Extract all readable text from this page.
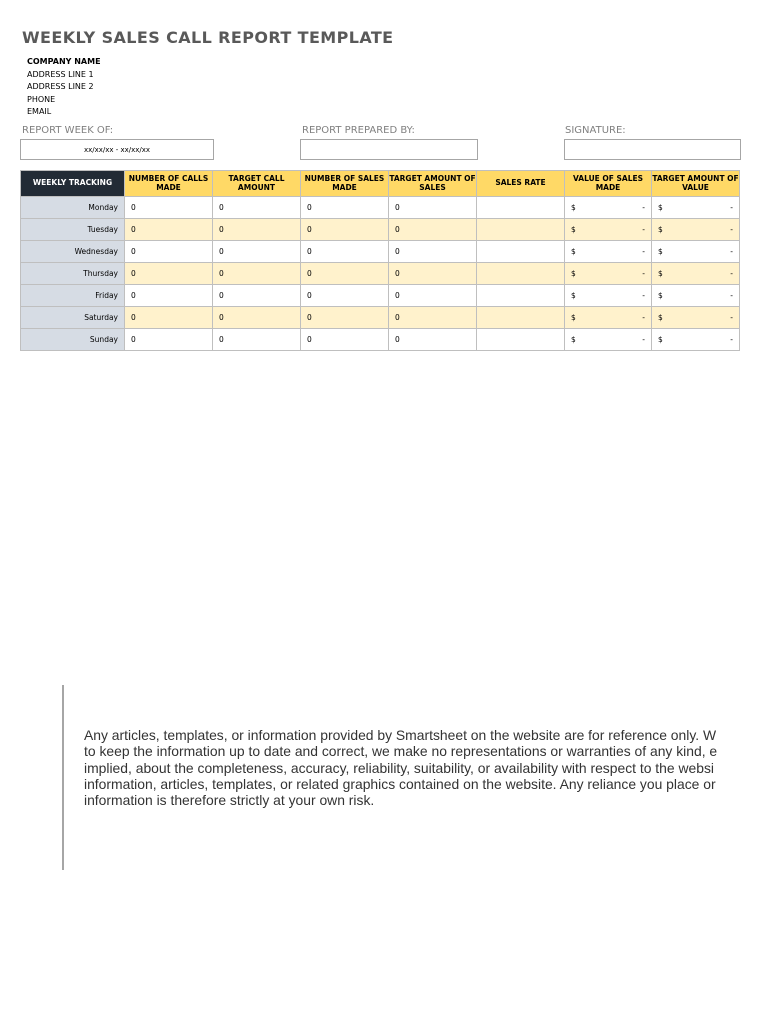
WEEKLY SALES CALL REPORT TEMPLATE
COMPANY NAME
ADDRESS LINE 1
ADDRESS LINE 2
PHONE
EMAIL
REPORT WEEK OF:
xx/xx/xx - xx/xx/xx
REPORT PREPARED BY:	SIGNATURE:
WEEKLY TRACKING	NUMBER OF CALLS MADE	TARGET CALL AMOUNT	NUMBER OF SALES MADE	TARGET AMOUNT OF SALES	SALES RATE	VALUE OF SALES MADE	TARGET AMOUNT OF VALUE
Monday	0	0	0	0		$ -	$ -

Tuesday	0	0	0	0		$ -	$ -

Wednesday	0	0	0	0		$ -	$ -

Thursday	0	0	0	0		$ -	$ -

Friday	0	0	0	0		$ -	$ -

Saturday	0	0	0	0		$ -	$ -

Sunday	0	0	0	0		$ -	$ -
Any articles, templates, or information provided by Smartsheet on the website are for reference only. W
to keep the information up to date and correct, we make no representations or warranties of any kind, e
implied, about the completeness, accuracy, reliability, suitability, or availability with respect to the websi
information, articles, templates, or related graphics contained on the website. Any reliance you place or
information is therefore strictly at your own risk.
